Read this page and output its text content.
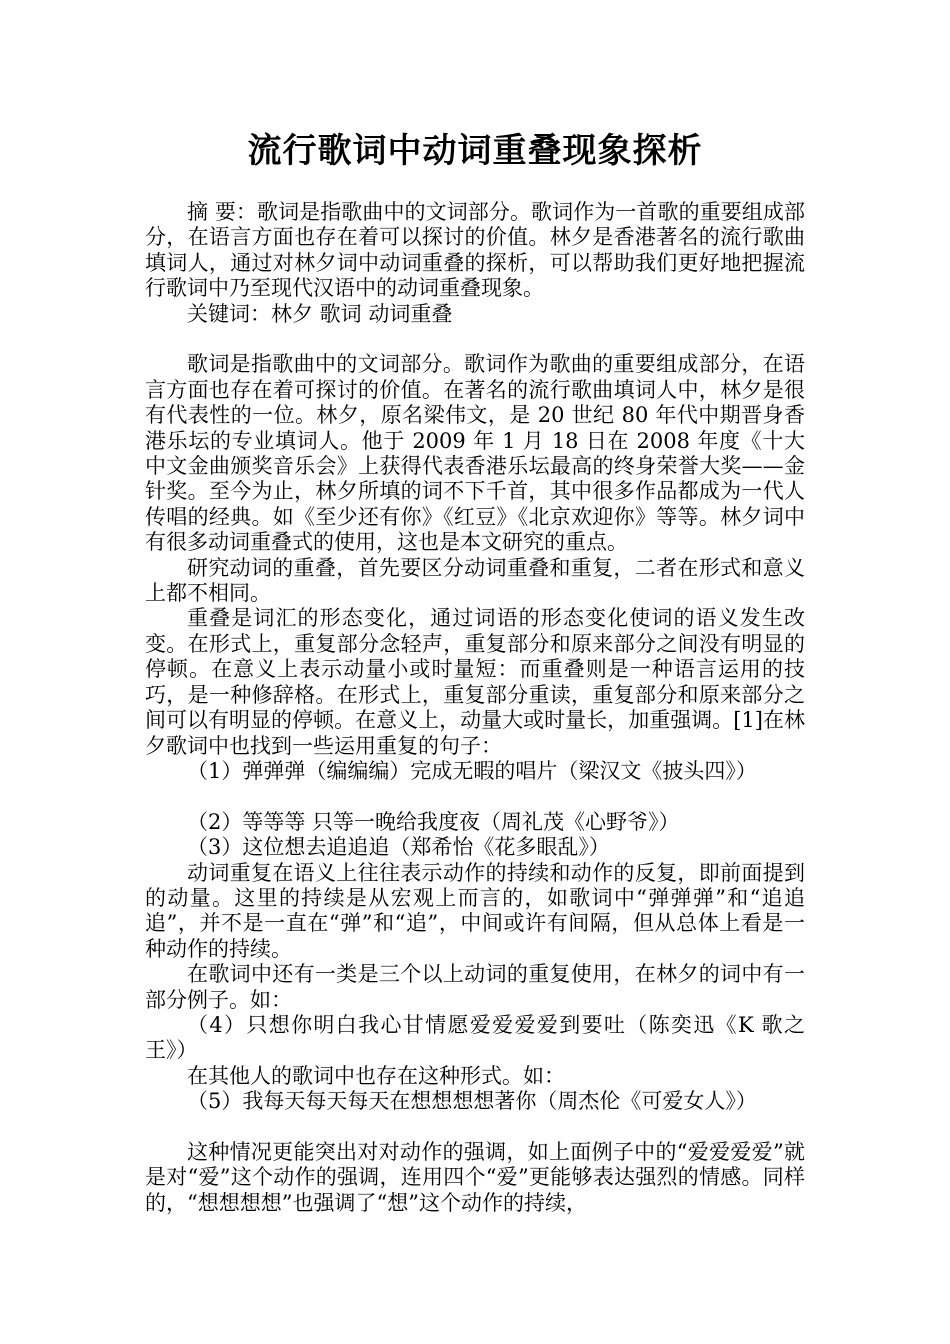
流行歌词中动词重叠现象探析

摘 要：歌词是指歌曲中的文词部分。歌词作为一首歌的重要组成部分，在语言方面也存在着可以探讨的价值。林夕是香港著名的流行歌曲填词人，通过对林夕词中动词重叠的探析，可以帮助我们更好地把握流行歌词中乃至现代汉语中的动词重叠现象。

关键词：林夕 歌词 动词重叠

歌词是指歌曲中的文词部分。歌词作为歌曲的重要组成部分，在语言方面也存在着可探讨的价值。在著名的流行歌曲填词人中，林夕是很有代表性的一位。林夕，原名梁伟文，是 20 世纪 80 年代中期晋身香港乐坛的专业填词人。他于 2009 年 1 月 18 日在 2008 年度《十大中文金曲颁奖音乐会》上获得代表香港乐坛最高的终身荣誉大奖——金针奖。至今为止，林夕所填的词不下千首，其中很多作品都成为一代人传唱的经典。如《至少还有你》《红豆》《北京欢迎你》等等。林夕词中有很多动词重叠式的使用，这也是本文研究的重点。

研究动词的重叠，首先要区分动词重叠和重复，二者在形式和意义上都不相同。

重叠是词汇的形态变化，通过词语的形态变化使词的语义发生改变。在形式上，重复部分念轻声，重复部分和原来部分之间没有明显的停顿。在意义上表示动量小或时量短：而重叠则是一种语言运用的技巧，是一种修辞格。在形式上，重复部分重读，重复部分和原来部分之间可以有明显的停顿。在意义上，动量大或时量长，加重强调。[1]在林夕歌词中也找到一些运用重复的句子：

（1）弹弹弹（编编编）完成无暇的唱片（梁汉文《披头四》）

（2）等等等 只等一晚给我度夜（周礼茂《心野爷》）

（3）这位想去追追追（郑希怡《花多眼乱》）

动词重复在语义上往往表示动作的持续和动作的反复，即前面提到的动量。这里的持续是从宏观上而言的，如歌词中“弹弹弹”和“追追追”，并不是一直在“弹”和“追”，中间或许有间隔，但从总体上看是一种动作的持续。

在歌词中还有一类是三个以上动词的重复使用，在林夕的词中有一部分例子。如：

（4）只想你明白我心甘情愿爱爱爱爱到要吐（陈奕迅《K 歌之王》）

在其他人的歌词中也存在这种形式。如：

（5）我每天每天每天在想想想想著你（周杰伦《可爱女人》）

这种情况更能突出对对动作的强调，如上面例子中的“爱爱爱爱”就是对“爱”这个动作的强调，连用四个“爱”更能够表达强烈的情感。同样的，“想想想想”也强调了“想”这个动作的持续，
